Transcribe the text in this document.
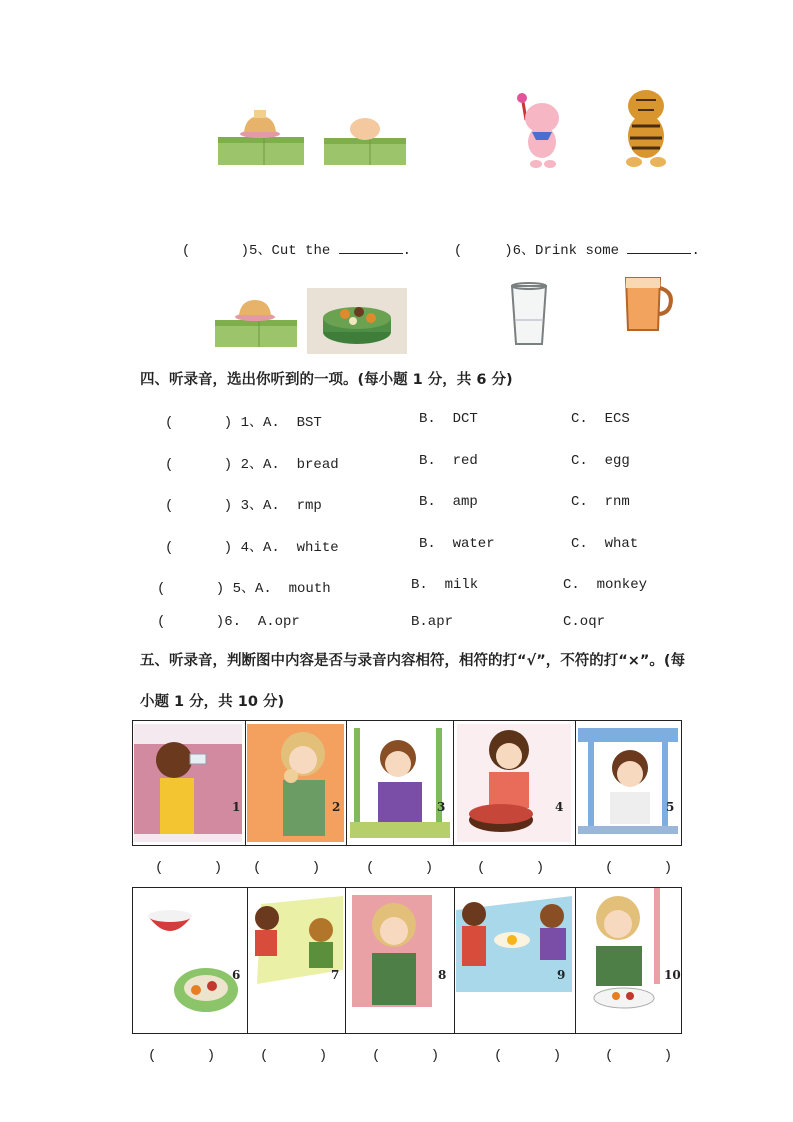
(	)5、Cut the	.	(	)6、Drink some	.

四、听录音，选出你听到的一项。(每小题 1 分，共 6 分)
(      ) 1、A.  BST	B.  DCT	C.  ECS
(      ) 2、A.  bread	B.  red	C.  egg
(      ) 3、A.  rmp	B.  amp	C.  rnm
(      ) 4、A.  white	B.  water	C.  what
(      ) 5、A.  mouth	B.  milk	C.  monkey
(      )6.  A.opr	B.apr	C.oqr
五、听录音，判断图中内容是否与录音内容相符，相符的打“√”，不符的打“×”。(每
小题 1 分，共 10 分)
1	2	3	4	5
(      ) (      )	(      )	(      )	(      )
6	7	8	9	10
(      )	(      )	(      )	(      )	(      )
